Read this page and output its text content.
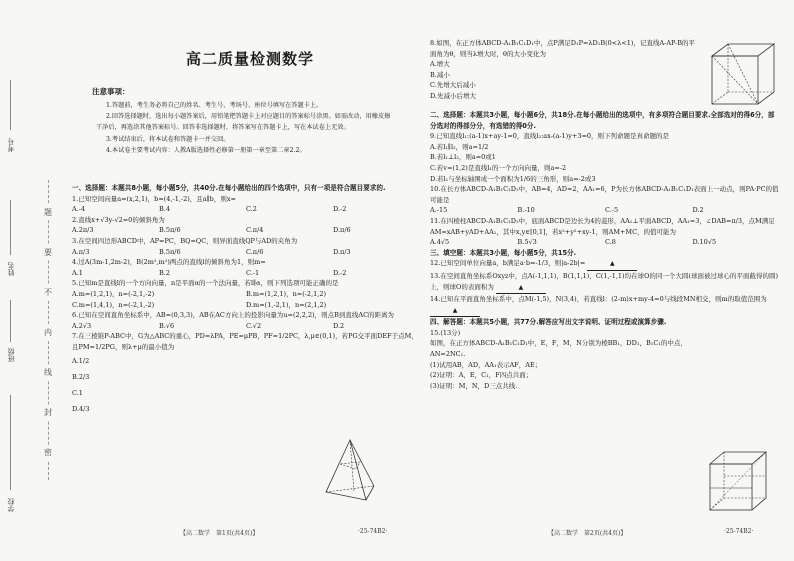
考号
姓名
班级
学校
题
要
不
内
线
封
密
高二质量检测数学
注意事项：

1.答题前，考生务必将自己的姓名、考生号、考场号、座位号填写在答题卡上。

2.回答选择题时，选出每小题答案后，用铅笔把答题卡上对应题目的答案标号涂黑。如需改动，用橡皮擦干净后，再选涂其他答案标号。回答非选择题时，将答案写在答题卡上，写在本试卷上无效。

3.考试结束后，将本试卷和答题卡一并交回。

4.本试卷主要考试内容：人教A版选择性必修第一册第一章至第二章2.2。

一、选择题：本题共8小题，每小题5分，共40分.在每小题给出的四个选项中，只有一项是符合题目要求的.
1.已知空间向量a=(x,2,1)，b=(4,-1,-2)，且a∥b，则x=
A.-4	B.4	C.2	D.-2
2.直线x+√3y-√2=0的倾斜角为
A.2π/3	B.5π/6	C.π/4	D.π/6
3.在空间四边形ABCD中，AP=PC，BQ=QC，则异面直线QP与AD的夹角为
A.π/3	B.5π/6	C.π/6	D.π/3
4.过A(3m-1,2m-2)，B(2m²,m²)两点的直线l的倾斜角为1，则m=
A.1	B.2	C.-1	D.-2
5.已知m是直线l的一个方向向量，n是平面α的一个法向量，若l∥α，则下列选项可能正确的是
A.m=(1,2,1)，n=(-2,1,-2)	B.m=(1,2,1)，n=(-2,1,2)
C.m=(1,4,1)，n=(-2,1,-2)	D.m=(1,-2,1)，n=(2,1,2)
6.已知在空间直角坐标系中，AB=(0,3,3)，AB在AC方向上的投影向量为u=(2,2,2)，则点B到直线AC的距离为
A.2√3	B.√6	C.√2	D.2
7.在三棱锥P-ABC中，G为△ABC的重心，PD=λPA，PE=μPB，PF=1/2PC，λ,μ∈(0,1)，若PG交平面DEF于点M，且PM=1/2PG，则λ+μ的最小值为
A.1/2
B.2/3
C.1
D.4/3
【高二数学　第1页(共4页)】	·25-74B2·
8.如图，在正方体ABCD-A₁B₁C₁D₁中，点P满足D₁P=λD₁B(0<λ<1)，记直线A-AP-B的平面角为θ，则当λ增大时，θ的大小变化为
A.增大
B.减小
C.先增大后减小
D.先减小后增大
二、选择题：本题共3小题，每小题6分，共18分.在每小题给出的选项中，有多项符合题目要求.全部选对的得6分，部分选对的得部分分，有选错的得0分.
9.已知直线l₁:(a-1)x+ay-1=0，直线l₂:ax-(a-1)y+3=0，则下列命题是真命题的是
A.若l₁∥l₂，则a=1/2
B.若l₁⊥l₂，则a=0或1
C.若v=(1,2)是直线l₁的一个方向向量，则a=-2
D.若l₁与坐标轴围成一个面积为1/6的三角形，则a=-2或3
10.在长方体ABCD-A₁B₁C₁D₁中，AB=4，AD=2，AA₁=6，P为长方体ABCD-A₁B₁C₁D₁表面上一动点，则PA·PC的值可能是
A.-15	B.-10	C.-5	D.2
11.在四棱柱ABCD-A₁B₁C₁D₁中，底面ABCD是边长为4的菱形，AA₁⊥平面ABCD，AA₁=3，∠DAB=π/3，点M满足AM=xAB+yAD+AA₁，其中x,y∈[0,1]，若x²+y²+xy-1，则AM+MC，的值可能为
A.4√5	B.5√3	C.8	D.10√5
三、填空题：本题共3小题，每小题5分，共15分.
12.已知空间单位向量a，b满足a·b=-1/3，则|a-2b|=	▲
13.在空间直角坐标系Oxyz中，点A(-1,1,1)，B(1,1,1)，C(1,-1,1)均在球O的同一个大圆(球面被过球心的平面截得的圆)上，则球O的表面积为	▲
14.已知在平面直角坐标系中，点M(-1,5)，N(3,4)，若直线l：(2-m)x+my-4=0与线段MN相交，则m的取值范围为 ▲
四、解答题：本题共5小题，共77分.解答应写出文字说明、证明过程或演算步骤.
15.(13分)
如图，在正方体ABCD-A₁B₁C₁D₁中，E，F，M，N分别为棱BB₁，DD₁，B₁C₁的中点，AN=2NC₁.
(1)试用AB，AD，AA₁表示AF，AE；
(2)证明：A，E，C₁，F四点共面；
(3)证明：M，N，D三点共线.
【高二数学　第2页(共4页)】	·25-74B2·
